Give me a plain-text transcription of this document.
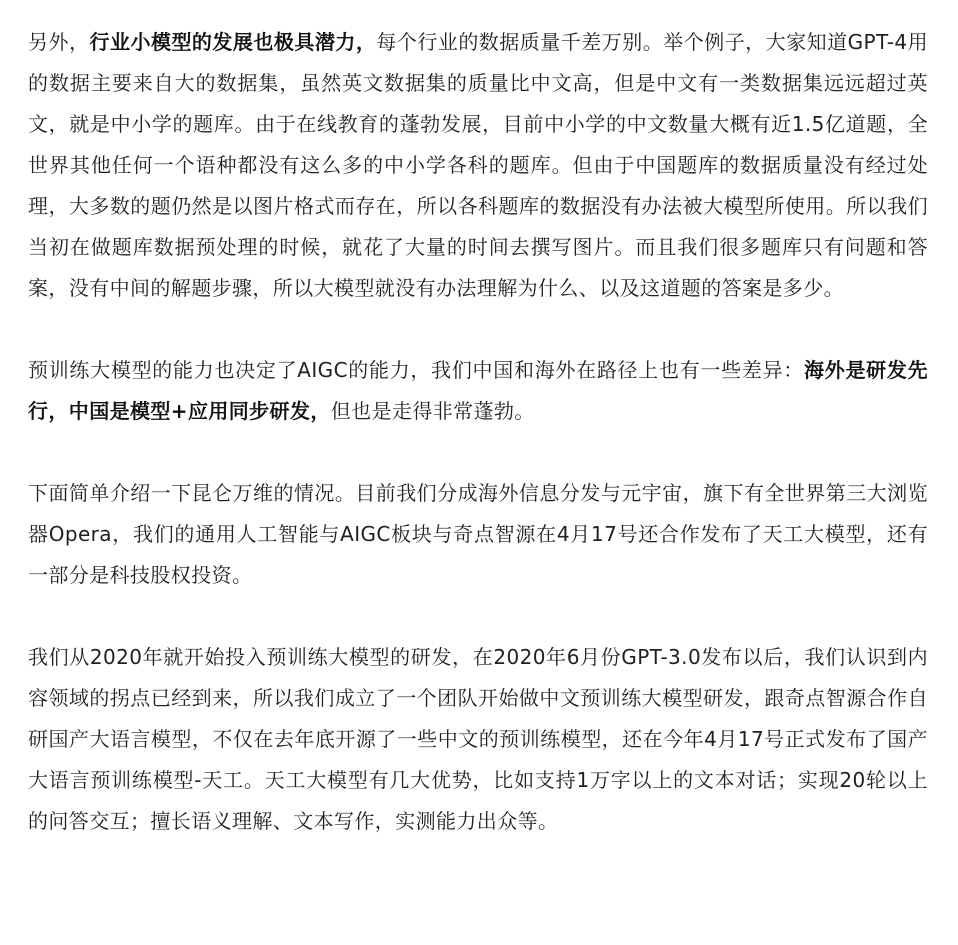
另外，行业小模型的发展也极具潜力，每个行业的数据质量千差万别。举个例子，大家知道GPT-4用的数据主要来自大的数据集，虽然英文数据集的质量比中文高，但是中文有一类数据集远远超过英文，就是中小学的题库。由于在线教育的蓬勃发展，目前中小学的中文数量大概有近1.5亿道题，全世界其他任何一个语种都没有这么多的中小学各科的题库。但由于中国题库的数据质量没有经过处理，大多数的题仍然是以图片格式而存在，所以各科题库的数据没有办法被大模型所使用。所以我们当初在做题库数据预处理的时候，就花了大量的时间去撰写图片。而且我们很多题库只有问题和答案，没有中间的解题步骤，所以大模型就没有办法理解为什么、以及这道题的答案是多少。

预训练大模型的能力也决定了AIGC的能力，我们中国和海外在路径上也有一些差异：海外是研发先行，中国是模型+应用同步研发，但也是走得非常蓬勃。

下面简单介绍一下昆仑万维的情况。目前我们分成海外信息分发与元宇宙，旗下有全世界第三大浏览器Opera，我们的通用人工智能与AIGC板块与奇点智源在4月17号还合作发布了天工大模型，还有一部分是科技股权投资。

我们从2020年就开始投入预训练大模型的研发，在2020年6月份GPT-3.0发布以后，我们认识到内容领域的拐点已经到来，所以我们成立了一个团队开始做中文预训练大模型研发，跟奇点智源合作自研国产大语言模型，不仅在去年底开源了一些中文的预训练模型，还在今年4月17号正式发布了国产大语言预训练模型-天工。天工大模型有几大优势，比如支持1万字以上的文本对话；实现20轮以上的问答交互；擅长语义理解、文本写作，实测能力出众等。
